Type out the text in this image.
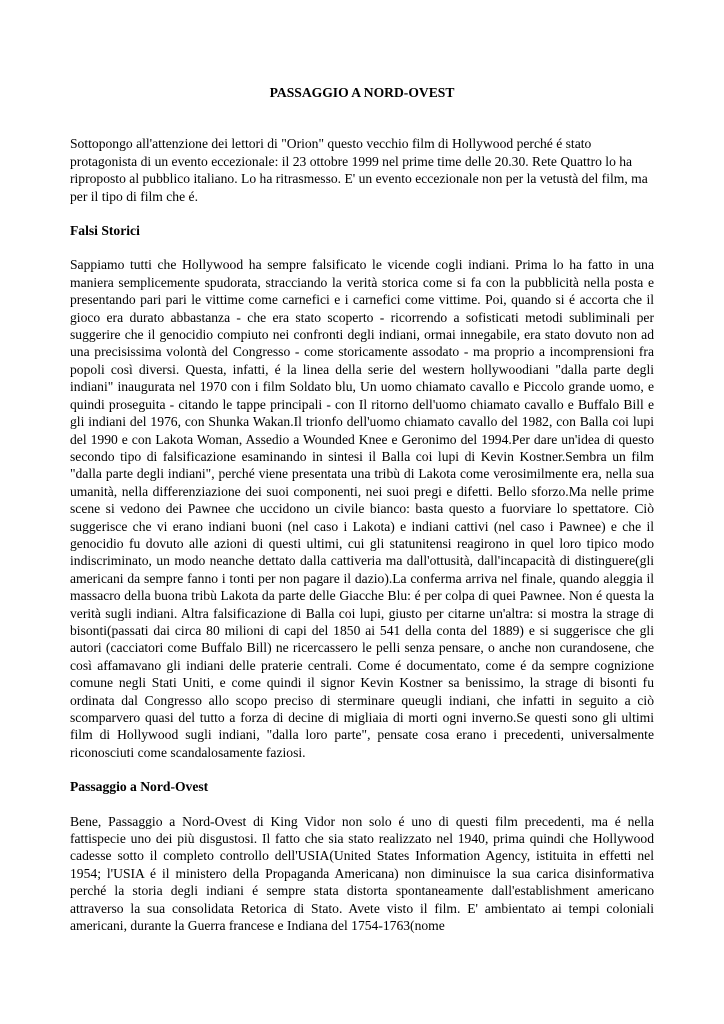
PASSAGGIO A NORD-OVEST

Sottopongo all'attenzione dei lettori di "Orion" questo vecchio film di Hollywood perché é stato protagonista di un evento eccezionale: il 23 ottobre 1999 nel prime time delle 20.30. Rete Quattro lo ha riproposto al pubblico italiano. Lo ha ritrasmesso. E' un evento eccezionale non per la vetustà del film, ma per il tipo di film che é.

Falsi Storici

Sappiamo tutti che Hollywood ha sempre falsificato le vicende cogli indiani. Prima lo ha fatto in una maniera semplicemente spudorata, stracciando la verità storica come si fa con la pubblicità nella posta e presentando pari pari le vittime come carnefici e i carnefici come vittime. Poi, quando si é accorta che il gioco era durato abbastanza - che era stato scoperto - ricorrendo a sofisticati metodi subliminali per suggerire che il genocidio compiuto nei confronti degli indiani, ormai innegabile, era stato dovuto non ad una precisissima volontà del Congresso - come storicamente assodato - ma proprio a incomprensioni fra popoli così diversi. Questa, infatti, é la linea della serie del western hollywoodiani "dalla parte degli indiani" inaugurata nel 1970 con i film Soldato blu, Un uomo chiamato cavallo e Piccolo grande uomo, e quindi proseguita - citando le tappe principali - con Il ritorno dell'uomo chiamato cavallo e Buffalo Bill e gli indiani del 1976, con Shunka Wakan.Il trionfo dell'uomo chiamato cavallo del 1982, con Balla coi lupi del 1990 e con Lakota Woman, Assedio a Wounded Knee e Geronimo del 1994.Per dare un'idea di questo secondo tipo di falsificazione esaminando in sintesi il Balla coi lupi di Kevin Kostner.Sembra un film "dalla parte degli indiani", perché viene presentata una tribù di Lakota come verosimilmente era, nella sua umanità, nella differenziazione dei suoi componenti, nei suoi pregi e difetti. Bello sforzo.Ma nelle prime scene si vedono dei Pawnee che uccidono un civile bianco: basta questo a fuorviare lo spettatore. Ciò suggerisce che vi erano indiani buoni (nel caso i Lakota) e indiani cattivi (nel caso i Pawnee) e che il genocidio fu dovuto alle azioni di questi ultimi, cui gli statunitensi reagirono in quel loro tipico modo indiscriminato, un modo neanche dettato dalla cattiveria ma dall'ottusità, dall'incapacità di distinguere(gli americani da sempre fanno i tonti per non pagare il dazio).La conferma arriva nel finale, quando aleggia il massacro della buona tribù Lakota da parte delle Giacche Blu: é per colpa di quei Pawnee. Non é questa la verità sugli indiani. Altra falsificazione di Balla coi lupi, giusto per citarne un'altra: si mostra la strage di bisonti(passati dai circa 80 milioni di capi del 1850 ai 541 della conta del 1889) e si suggerisce che gli autori (cacciatori come Buffalo Bill) ne ricercassero le pelli senza pensare, o anche non curandosene, che così affamavano gli indiani delle praterie centrali. Come é documentato, come é da sempre cognizione comune negli Stati Uniti, e come quindi il signor Kevin Kostner sa benissimo, la strage di bisonti fu ordinata dal Congresso allo scopo preciso di sterminare queugli indiani, che infatti in seguito a ciò scomparvero quasi del tutto a forza di decine di migliaia di morti ogni inverno.Se questi sono gli ultimi film di Hollywood sugli indiani, "dalla loro parte", pensate cosa erano i precedenti, universalmente riconosciuti come scandalosamente faziosi.

Passaggio a Nord-Ovest

Bene, Passaggio a Nord-Ovest di King Vidor non solo é uno di questi film precedenti, ma é nella fattispecie uno dei più disgustosi. Il fatto che sia stato realizzato nel 1940, prima quindi che Hollywood cadesse sotto il completo controllo dell'USIA(United States Information Agency, istituita in effetti nel 1954; l'USIA é il ministero della Propaganda Americana) non diminuisce la sua carica disinformativa perché la storia degli indiani é sempre stata distorta spontaneamente dall'establishment americano attraverso la sua consolidata Retorica di Stato. Avete visto il film. E' ambientato ai tempi coloniali americani, durante la Guerra francese e Indiana del 1754-1763(nome
